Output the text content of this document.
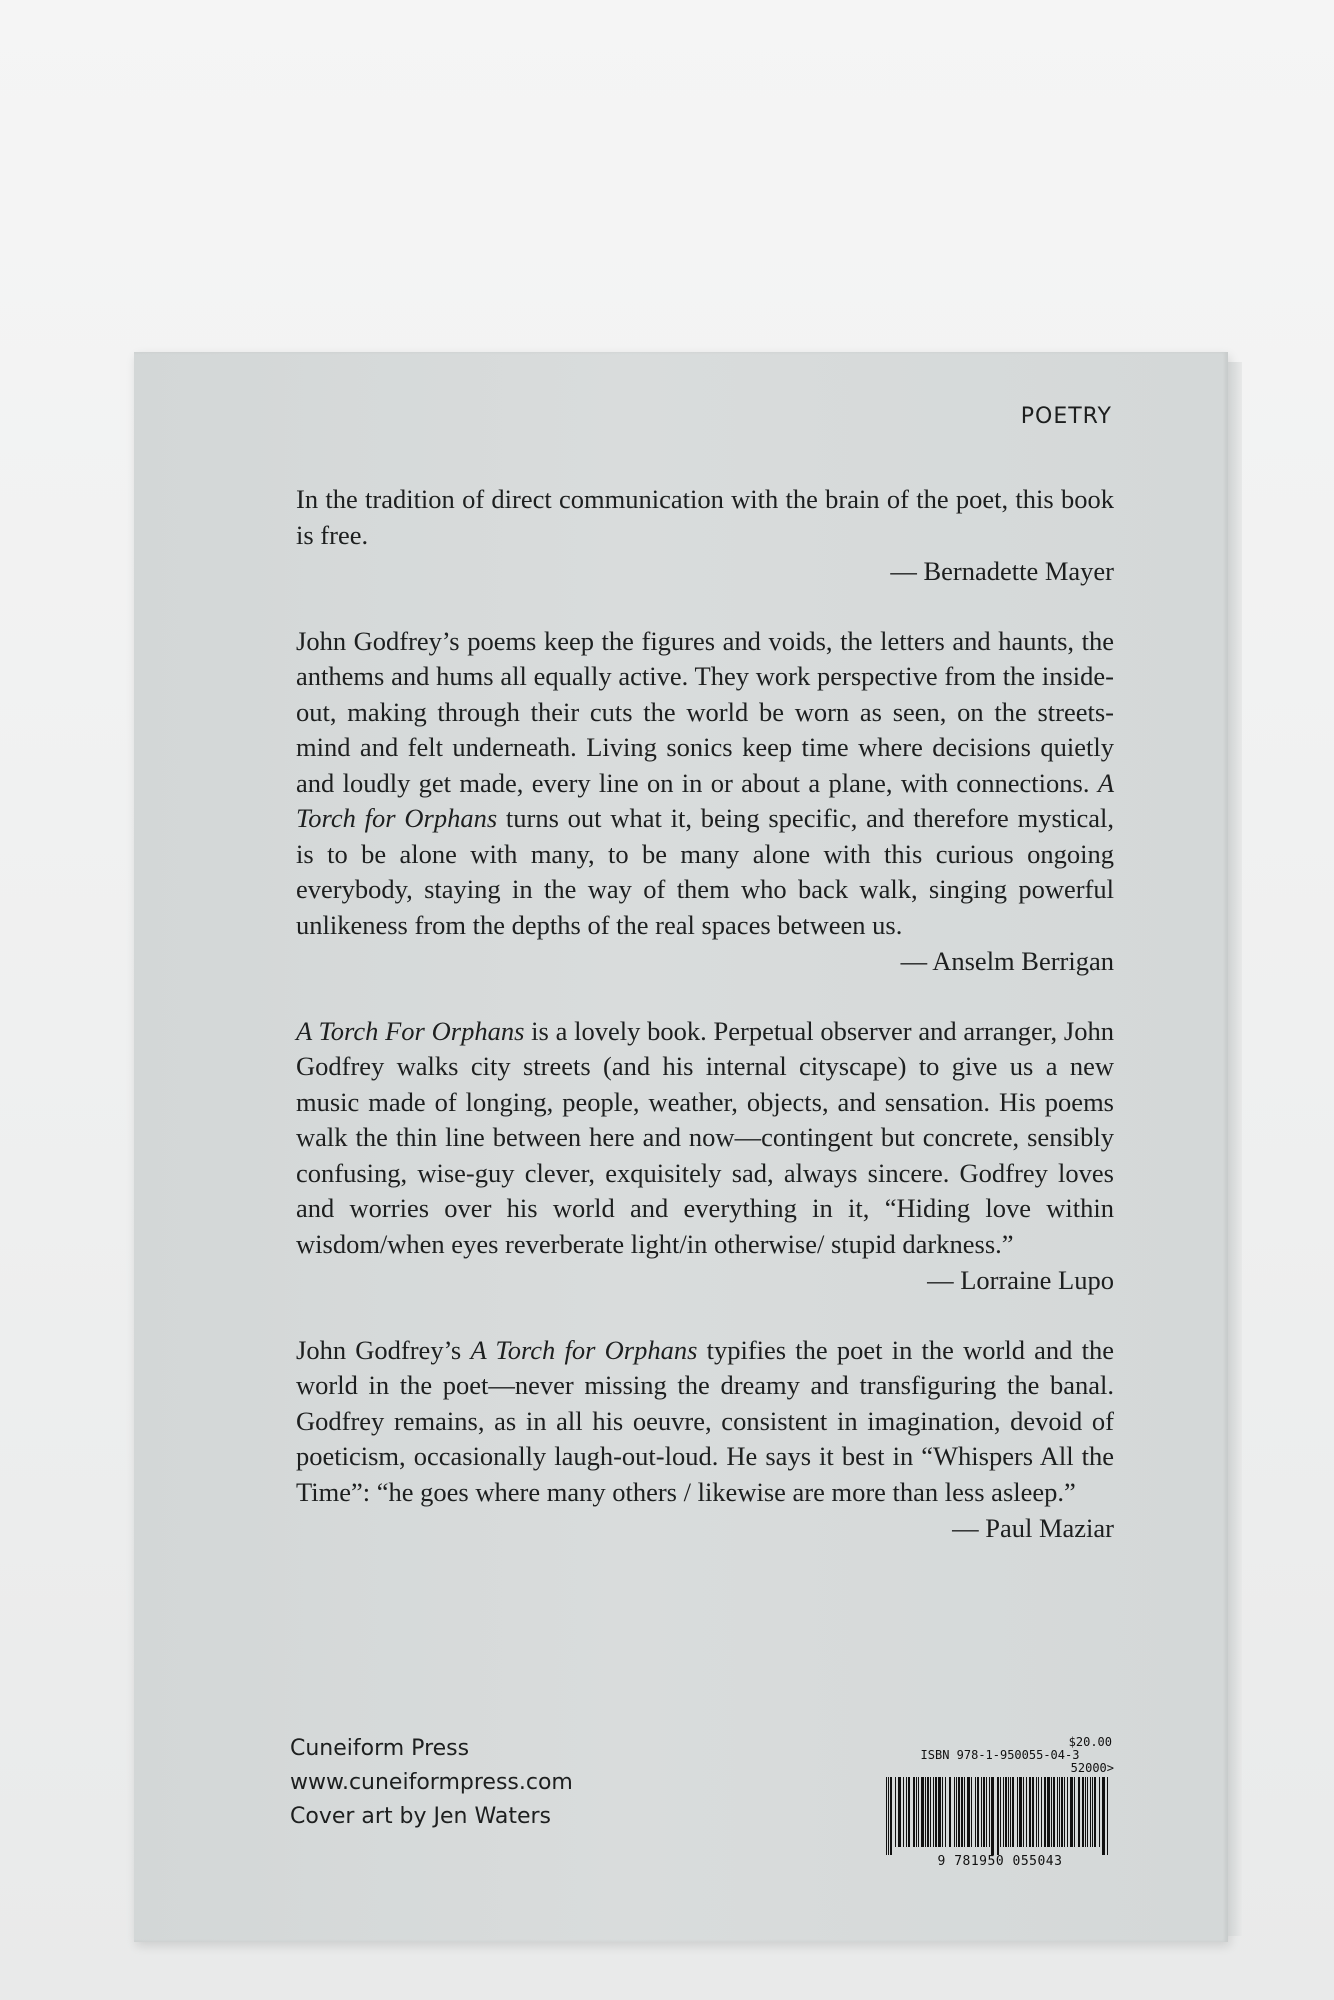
POETRY

In the tradition of direct communication with the brain of the poet, this book is free.

— Bernadette Mayer

John Godfrey’s poems keep the figures and voids, the letters and haunts, the anthems and hums all equally active. They work perspective from the inside-out, making through their cuts the world be worn as seen, on the streets-mind and felt underneath. Living sonics keep time where decisions quietly and loudly get made, every line on in or about a plane, with connections. A Torch for Orphans turns out what it, being specific, and therefore mystical, is to be alone with many, to be many alone with this curious ongoing everybody, staying in the way of them who back walk, singing powerful unlikeness from the depths of the real spaces between us.

— Anselm Berrigan

A Torch For Orphans is a lovely book. Perpetual observer and arranger, John Godfrey walks city streets (and his internal cityscape) to give us a new music made of longing, people, weather, objects, and sensation. His poems walk the thin line between here and now—contingent but concrete, sensibly confusing, wise-guy clever, exquisitely sad, always sincere. Godfrey loves and worries over his world and everything in it, “Hiding love within wisdom/when eyes reverberate light/in otherwise/ stupid darkness.”

— Lorraine Lupo

John Godfrey’s A Torch for Orphans typifies the poet in the world and the world in the poet—never missing the dreamy and transfiguring the banal. Godfrey remains, as in all his oeuvre, consistent in imagination, devoid of poeticism, occasionally laugh-out-loud. He says it best in “Whispers All the Time”: “he goes where many others / likewise are more than less asleep.”

— Paul Maziar
Cuneiform Press
www.cuneiformpress.com
Cover art by Jen Waters
$20.00
ISBN 978-1-950055-04-3
52000>
9 781950 055043
